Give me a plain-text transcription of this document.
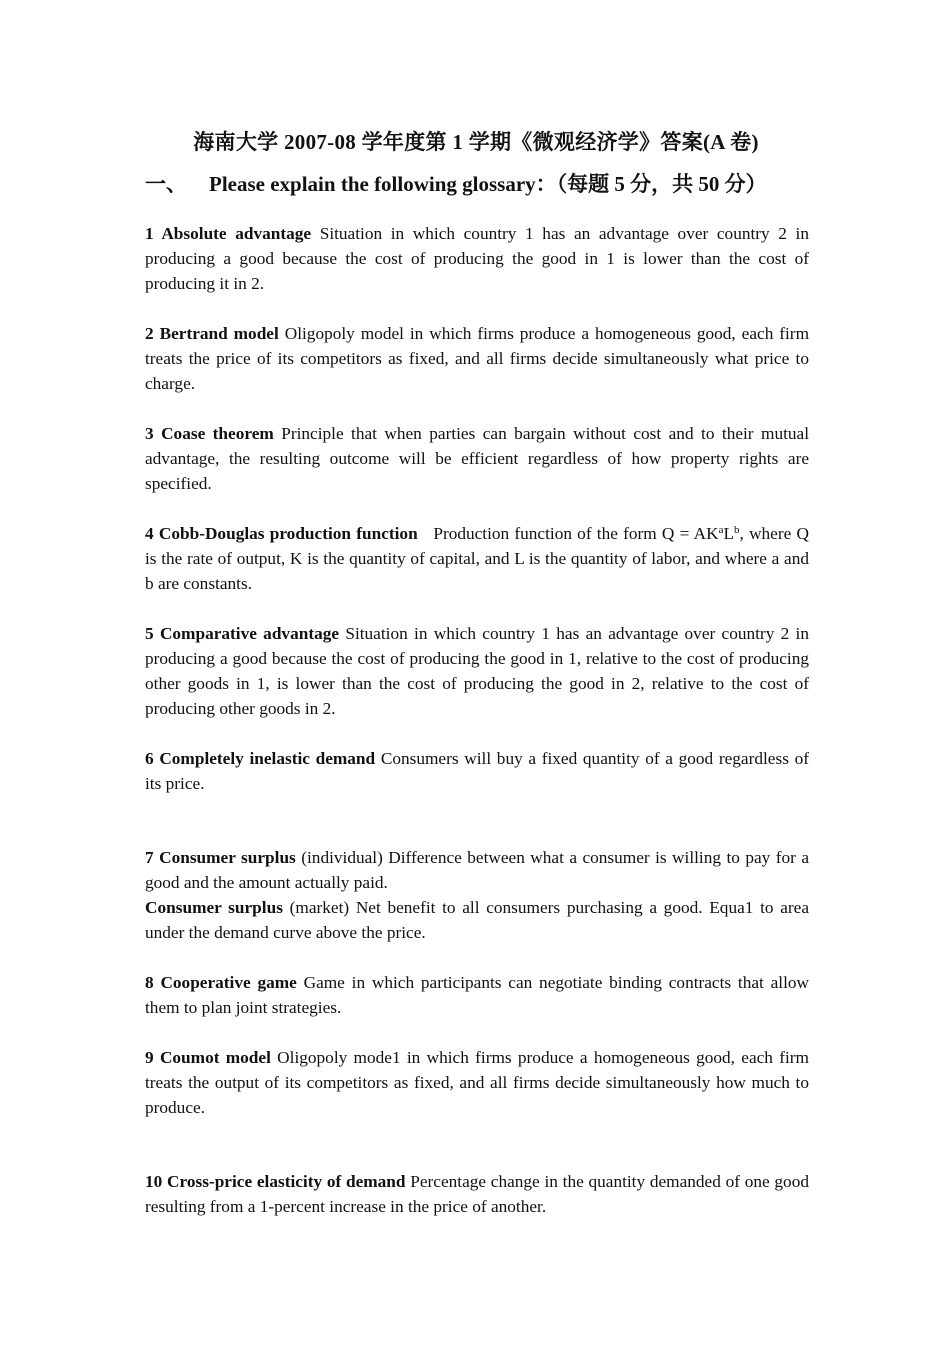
海南大学 2007-08 学年度第 1 学期《微观经济学》答案(A 卷)
一、 Please explain the following glossary：（每题 5 分，共 50 分）

1 Absolute advantage Situation in which country 1 has an advantage over country 2 in producing a good because the cost of producing the good in 1 is lower than the cost of producing it in 2.

2 Bertrand model Oligopoly model in which firms produce a homogeneous good, each firm treats the price of its competitors as fixed, and all firms decide simultaneously what price to charge.

3 Coase theorem Principle that when parties can bargain without cost and to their mutual advantage, the resulting outcome will be efficient regardless of how property rights are specified.

4 Cobb-Douglas production function Production function of the form $Q = AK^aL^b$, where Q is the rate of output, K is the quantity of capital, and L is the quantity of labor, and where a and b are constants.

5 Comparative advantage Situation in which country 1 has an advantage over country 2 in producing a good because the cost of producing the good in 1, relative to the cost of producing other goods in 1, is lower than the cost of producing the good in 2, relative to the cost of producing other goods in 2.

6 Completely inelastic demand Consumers will buy a fixed quantity of a good regardless of its price.

7 Consumer surplus (individual) Difference between what a consumer is willing to pay for a good and the amount actually paid.
Consumer surplus (market) Net benefit to all consumers purchasing a good. Equa1 to area under the demand curve above the price.

8 Cooperative game Game in which participants can negotiate binding contracts that allow them to plan joint strategies.

9 Coumot model Oligopoly mode1 in which firms produce a homogeneous good, each firm treats the output of its competitors as fixed, and all firms decide simultaneously how much to produce.

10 Cross-price elasticity of demand Percentage change in the quantity demanded of one good resulting from a 1-percent increase in the price of another.
